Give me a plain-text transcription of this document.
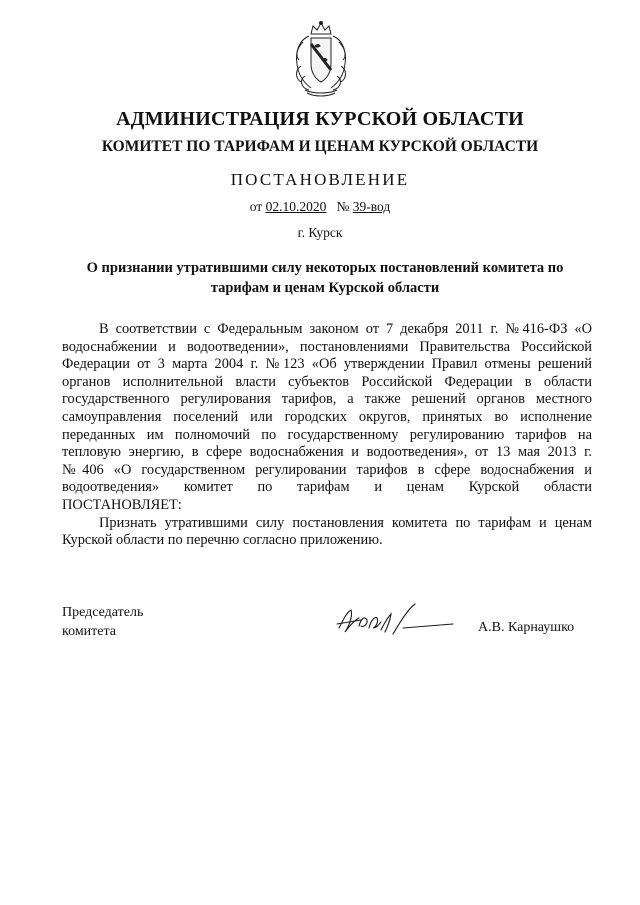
АДМИНИСТРАЦИЯ КУРСКОЙ ОБЛАСТИ
КОМИТЕТ ПО ТАРИФАМ И ЦЕНАМ КУРСКОЙ ОБЛАСТИ
ПОСТАНОВЛЕНИЕ
от 02.10.2020 № 39-вод
г. Курск
О признании утратившими силу некоторых постановлений комитета по
тарифам и ценам Курской области
В соответствии с Федеральным законом от 7 декабря 2011 г. №416-ФЗ «О
водоснабжении и водоотведении», постановлениями Правительства Российской
Федерации от 3 марта 2004 г. №123 «Об утверждении Правил отмены решений
органов исполнительной власти субъектов Российской Федерации в области
государственного регулирования тарифов, а также решений органов местного
самоуправления поселений или городских округов, принятых во исполнение
переданных им полномочий по государственному регулированию тарифов на
тепловую энергию, в сфере водоснабжения и водоотведения», от 13 мая 2013 г.
№406 «О государственном регулировании тарифов в сфере водоснабжения и
водоотведения» комитет по тарифам и ценам Курской области
ПОСТАНОВЛЯЕТ:
Признать утратившими силу постановления комитета по тарифам и ценам
Курской области по перечню согласно приложению.
Председатель
комитета	А.В. Карнаушко
